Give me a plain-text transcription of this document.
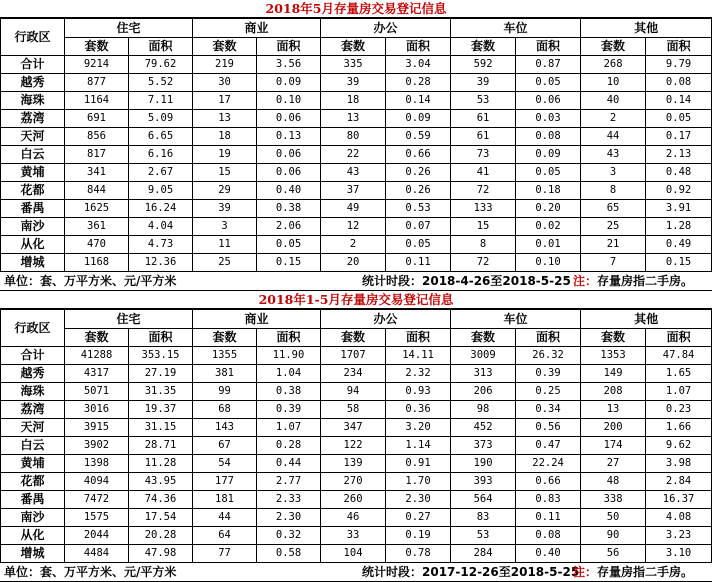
2018年5月存量房交易登记信息
行政区	住宅		商业		办公		车位		其他	
	套数	面积	套数	面积	套数	面积	套数	面积	套数	面积
合计	9214	79.62	219	3.56	335	3.04	592	0.87	268	9.79
越秀	877	5.52	30	0.09	39	0.28	39	0.05	10	0.08
海珠	1164	7.11	17	0.10	18	0.14	53	0.06	40	0.14
荔湾	691	5.09	13	0.06	13	0.09	61	0.03	2	0.05
天河	856	6.65	18	0.13	80	0.59	61	0.08	44	0.17
白云	817	6.16	19	0.06	22	0.66	73	0.09	43	2.13
黄埔	341	2.67	15	0.06	43	0.26	41	0.05	3	0.48
花都	844	9.05	29	0.40	37	0.26	72	0.18	8	0.92
番禺	1625	16.24	39	0.38	49	0.53	133	0.20	65	3.91
南沙	361	4.04	3	2.06	12	0.07	15	0.02	25	1.28
从化	470	4.73	11	0.05	2	0.05	8	0.01	21	0.49
增城	1168	12.36	25	0.15	20	0.11	72	0.10	7	0.15
单位：套、万平方米、元/平方米	统计时段：2018-4-26至2018-5-25 注：存量房指二手房。
2018年1-5月存量房交易登记信息
行政区	住宅		商业		办公		车位		其他	
	套数	面积	套数	面积	套数	面积	套数	面积	套数	面积
合计	41288	353.15	1355	11.90	1707	14.11	3009	26.32	1353	47.84
越秀	4317	27.19	381	1.04	234	2.32	313	0.39	149	1.65
海珠	5071	31.35	99	0.38	94	0.93	206	0.25	208	1.07
荔湾	3016	19.37	68	0.39	58	0.36	98	0.34	13	0.23
天河	3915	31.15	143	1.07	347	3.20	452	0.56	200	1.66
白云	3902	28.71	67	0.28	122	1.14	373	0.47	174	9.62
黄埔	1398	11.28	54	0.44	139	0.91	190	22.24	27	3.98
花都	4094	43.95	177	2.77	270	1.70	393	0.66	48	2.84
番禺	7472	74.36	181	2.33	260	2.30	564	0.83	338	16.37
南沙	1575	17.54	44	2.30	46	0.27	83	0.11	50	4.08
从化	2044	20.28	64	0.32	33	0.19	53	0.08	90	3.23
增城	4484	47.98	77	0.58	104	0.78	284	0.40	56	3.10
单位：套、万平方米、元/平方米	统计时段：2017-12-26至2018-5-25
注：存量房指二手房。
